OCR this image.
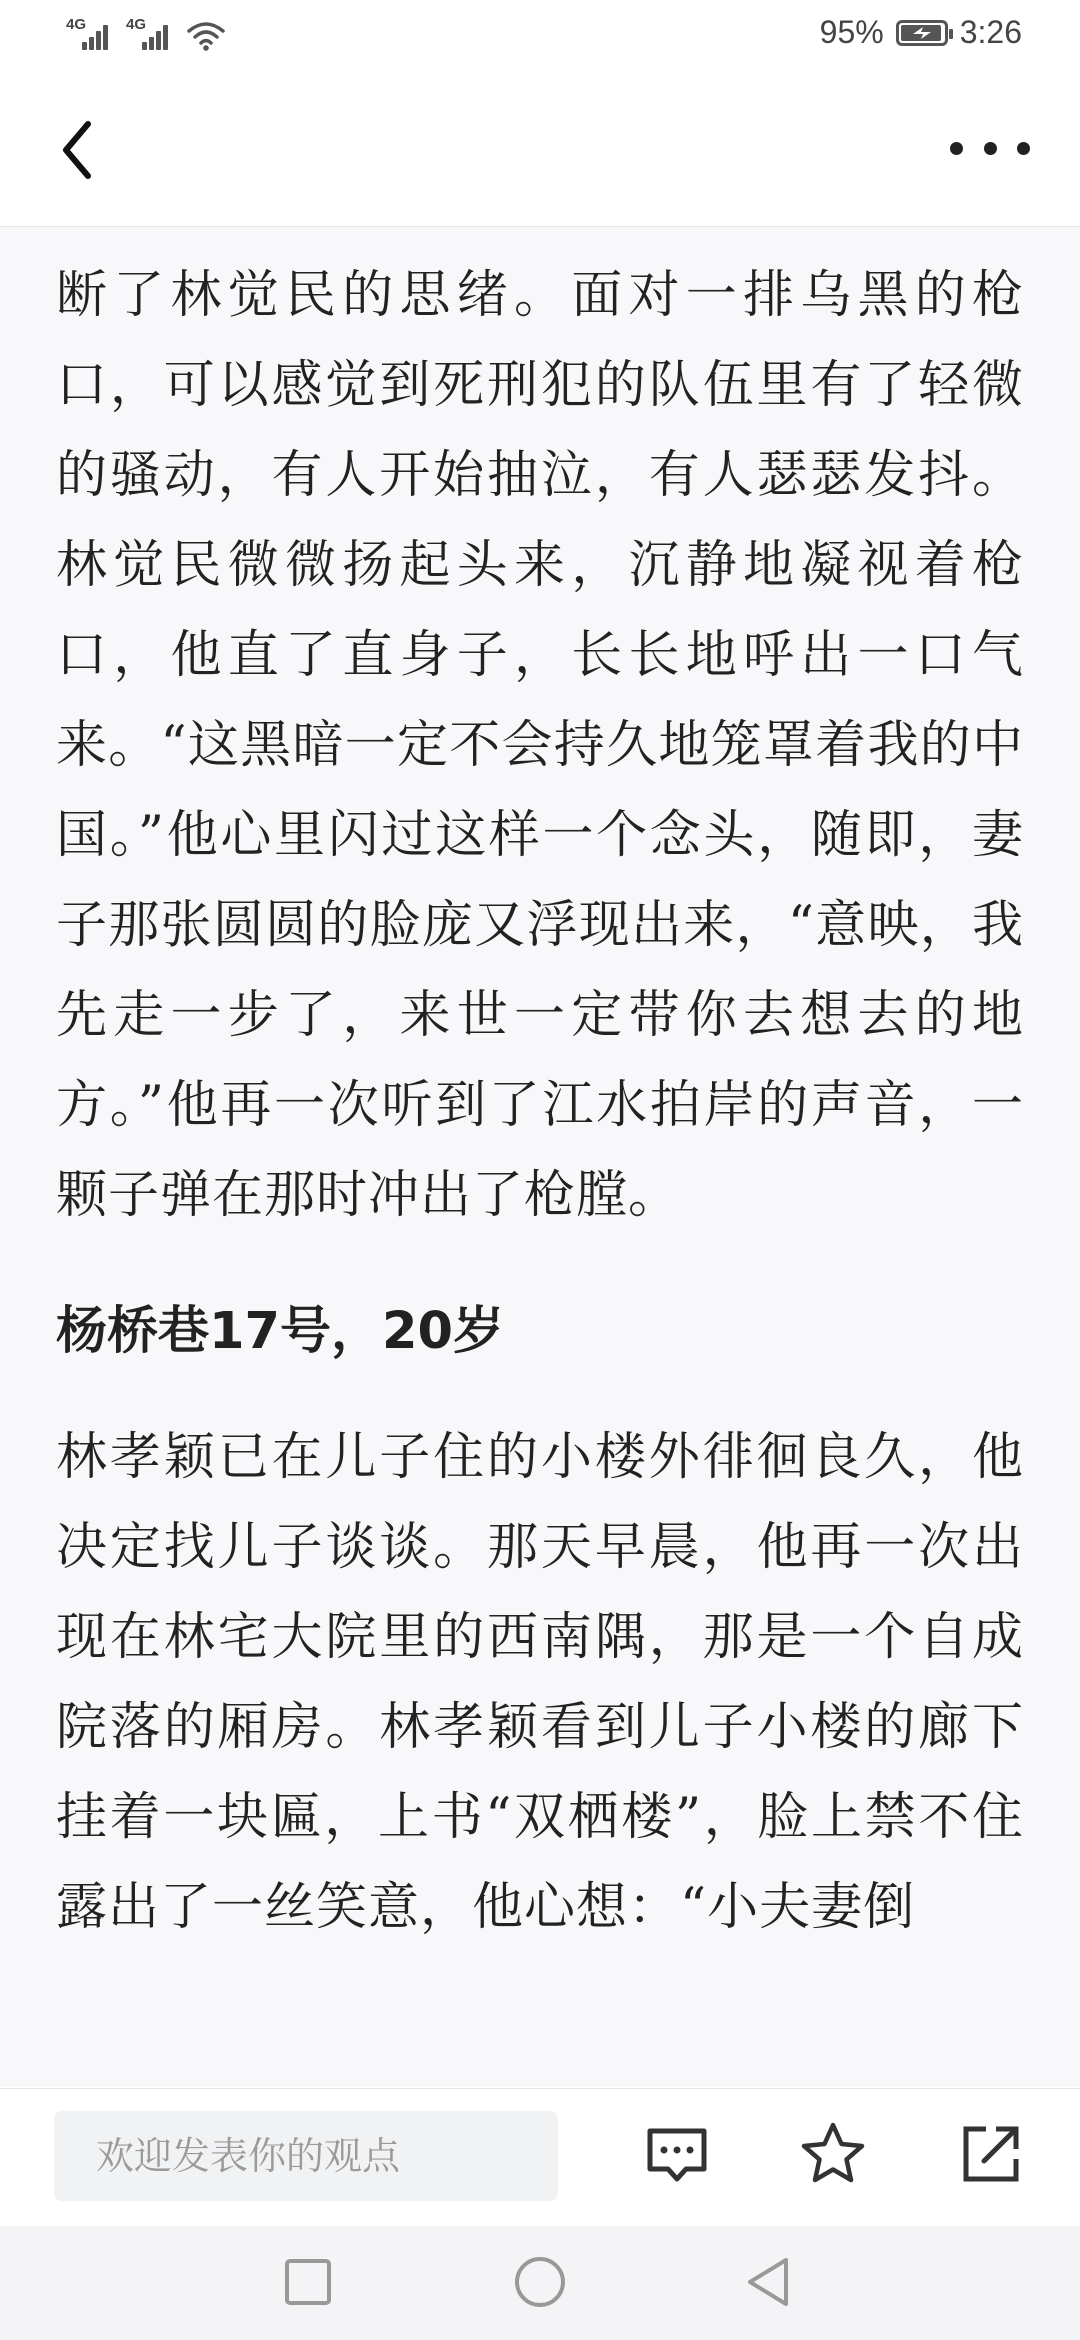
4G	4G	95% 3:26

断了林觉民的思绪。面对一排乌黑的枪口，可以感觉到死刑犯的队伍里有了轻微的骚动，有人开始抽泣，有人瑟瑟发抖。林觉民微微扬起头来，沉静地凝视着枪口，他直了直身子，长长地呼出一口气来。“这黑暗一定不会持久地笼罩着我的中国。”他心里闪过这样一个念头，随即，妻子那张圆圆的脸庞又浮现出来，“意映，我先走一步了，来世一定带你去想去的地方。”他再一次听到了江水拍岸的声音，一颗子弹在那时冲出了枪膛。

杨桥巷17号，20岁

林孝颖已在儿子住的小楼外徘徊良久，他决定找儿子谈谈。那天早晨，他再一次出现在林宅大院里的西南隅，那是一个自成院落的厢房。林孝颖看到儿子小楼的廊下挂着一块匾，上书“双栖楼”，脸上禁不住露出了一丝笑意，他心想：“小夫妻倒

欢迎发表你的观点
